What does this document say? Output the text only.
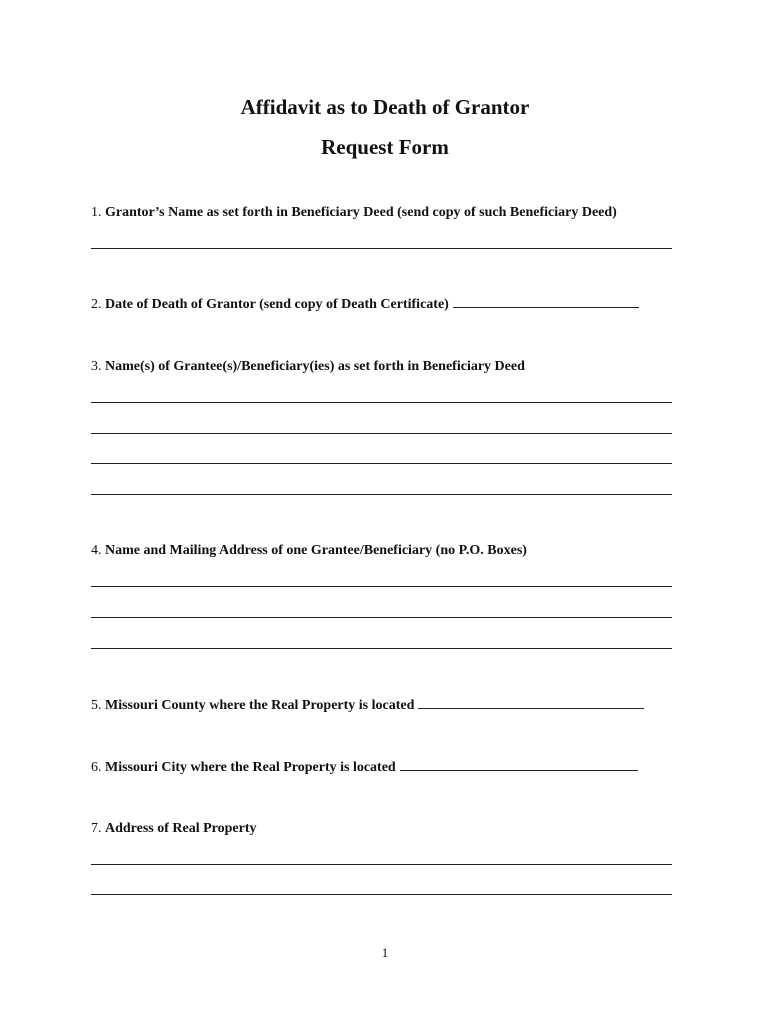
Affidavit as to Death of Grantor
Request Form
1. Grantor’s Name as set forth in Beneficiary Deed (send copy of such Beneficiary Deed)
2. Date of Death of Grantor (send copy of Death Certificate)
3. Name(s) of Grantee(s)/Beneficiary(ies) as set forth in Beneficiary Deed
4. Name and Mailing Address of one Grantee/Beneficiary (no P.O. Boxes)
5. Missouri County where the Real Property is located
6. Missouri City where the Real Property is located
7. Address of Real Property
1
